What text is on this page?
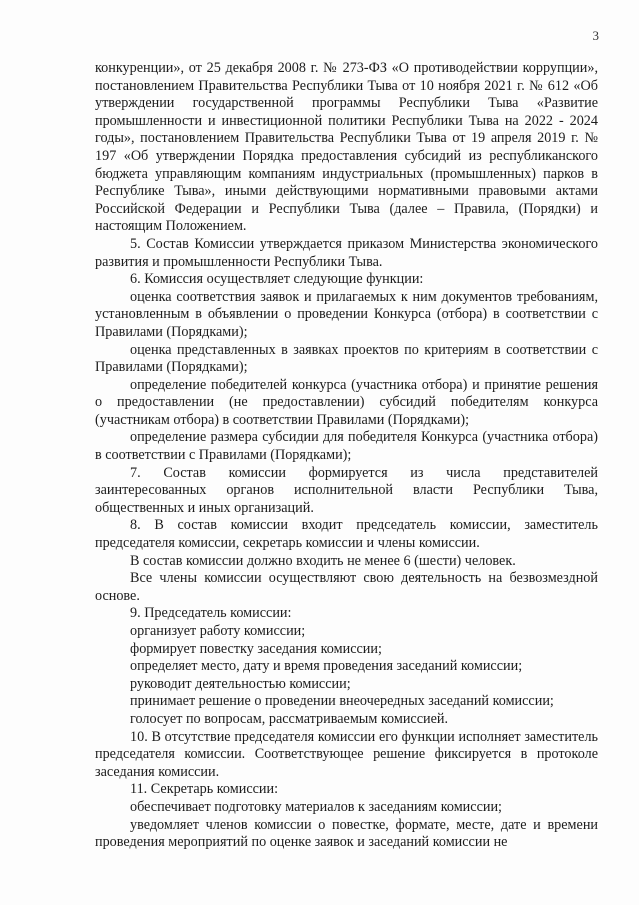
3

конкуренции», от 25 декабря 2008 г. № 273-ФЗ «О противодействии коррупции», постановлением Правительства Республики Тыва от 10 ноября 2021 г. № 612 «Об утверждении государственной программы Республики Тыва «Развитие промышленности и инвестиционной политики Республики Тыва на 2022 - 2024 годы», постановлением Правительства Республики Тыва от 19 апреля 2019 г. № 197 «Об утверждении Порядка предоставления субсидий из республиканского бюджета управляющим компаниям индустриальных (промышленных) парков в Республике Тыва», иными действующими нормативными правовыми актами Российской Федерации и Республики Тыва (далее – Правила, (Порядки) и настоящим Положением.

5. Состав Комиссии утверждается приказом Министерства экономического развития и промышленности Республики Тыва.

6. Комиссия осуществляет следующие функции:

оценка соответствия заявок и прилагаемых к ним документов требованиям, установленным в объявлении о проведении Конкурса (отбора) в соответствии с Правилами (Порядками);

оценка представленных в заявках проектов по критериям в соответствии с Правилами (Порядками);

определение победителей конкурса (участника отбора) и принятие решения о предоставлении (не предоставлении) субсидий победителям конкурса (участникам отбора) в соответствии Правилами (Порядками);

определение размера субсидии для победителя Конкурса (участника отбора) в соответствии с Правилами (Порядками);

7. Состав комиссии формируется из числа представителей заинтересованных органов исполнительной власти Республики Тыва, общественных и иных организаций.

8. В состав комиссии входит председатель комиссии, заместитель председателя комиссии, секретарь комиссии и члены комиссии.

В состав комиссии должно входить не менее 6 (шести) человек.

Все члены комиссии осуществляют свою деятельность на безвозмездной основе.

9. Председатель комиссии:

организует работу комиссии;

формирует повестку заседания комиссии;

определяет место, дату и время проведения заседаний комиссии;

руководит деятельностью комиссии;

принимает решение о проведении внеочередных заседаний комиссии;

голосует по вопросам, рассматриваемым комиссией.

10. В отсутствие председателя комиссии его функции исполняет заместитель председателя комиссии. Соответствующее решение фиксируется в протоколе заседания комиссии.

11. Секретарь комиссии:

обеспечивает подготовку материалов к заседаниям комиссии;

уведомляет членов комиссии о повестке, формате, месте, дате и времени проведения мероприятий по оценке заявок и заседаний комиссии не
